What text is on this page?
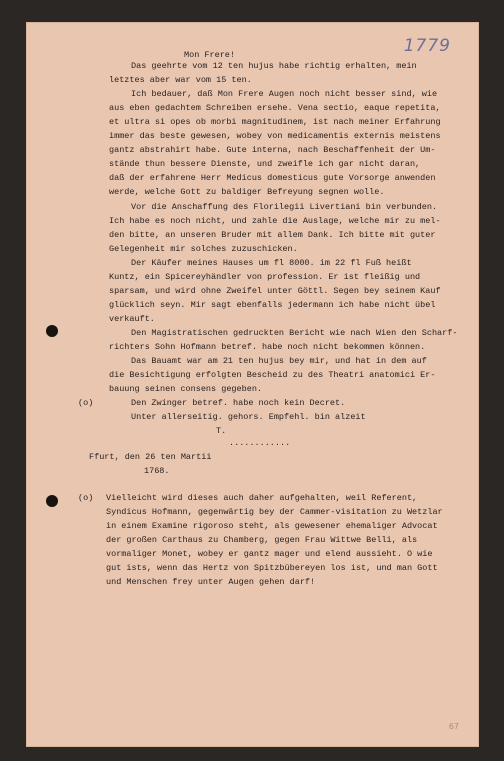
1779
Mon Frere!
Das geehrte vom 12 ten hujus habe richtig erhalten, mein
letztes aber war vom 15 ten.
Ich bedauer, daß Mon Frere Augen noch nicht besser sind, wie
aus eben gedachtem Schreiben ersehe. Vena sectio, eaque repetita,
et ultra si opes ob morbi magnitudinem, ist nach meiner Erfahrung
immer das beste gewesen, wobey von medicamentis externis meistens
gantz abstrahirt habe. Gute interna, nach Beschaffenheit der Um-
stände thun bessere Dienste, und zweifle ich gar nicht daran,
daß der erfahrene Herr Medicus domesticus gute Vorsorge anwenden
werde, welche Gott zu baldiger Befreyung segnen wolle.
Vor die Anschaffung des Florilegii Livertiani bin verbunden.
Ich habe es noch nicht, und zahle die Auslage, welche mir zu mel-
den bitte, an unseren Bruder mit allem Dank. Ich bitte mit guter
Gelegenheit mir solches zuzuschicken.
Der Käufer meines Hauses um fl 8000. im 22 fl Fuß heißt
Kuntz, ein Spicereyhändler von profession. Er ist fleißig und
sparsam, und wird ohne Zweifel unter Göttl. Segen bey seinem Kauf
glücklich seyn. Mir sagt ebenfalls jedermann ich habe nicht übel
verkauft.
Den Magistratischen gedruckten Bericht wie nach Wien den Scharf-
richters Sohn Hofmann betref. habe noch nicht bekommen können.
Das Bauamt war am 21 ten hujus bey mir, und hat in dem auf
die Besichtigung erfolgten Bescheid zu des Theatri anatomici Er-
bauung seinen consens gegeben.
(o)	Den Zwinger betref. habe noch kein Decret.
Unter allerseitig. gehors. Empfehl. bin alzeit
T.
............
Ffurt, den 26 ten Martii
1768.
(o) Vielleicht wird dieses auch daher aufgehalten, weil Referent,
Syndicus Hofmann, gegenwärtig bey der Cammer-visitation zu Wetzlar
in einem Examine rigoroso steht, als gewesener ehemaliger Advocat
der großen Carthaus zu Chamberg, gegen Frau Wittwe Belli, als
vormaliger Monet, wobey er gantz mager und elend aussieht. O wie
gut ists, wenn das Hertz von Spitzbübereyen los ist, und man Gott
und Menschen frey unter Augen gehen darf!
67
